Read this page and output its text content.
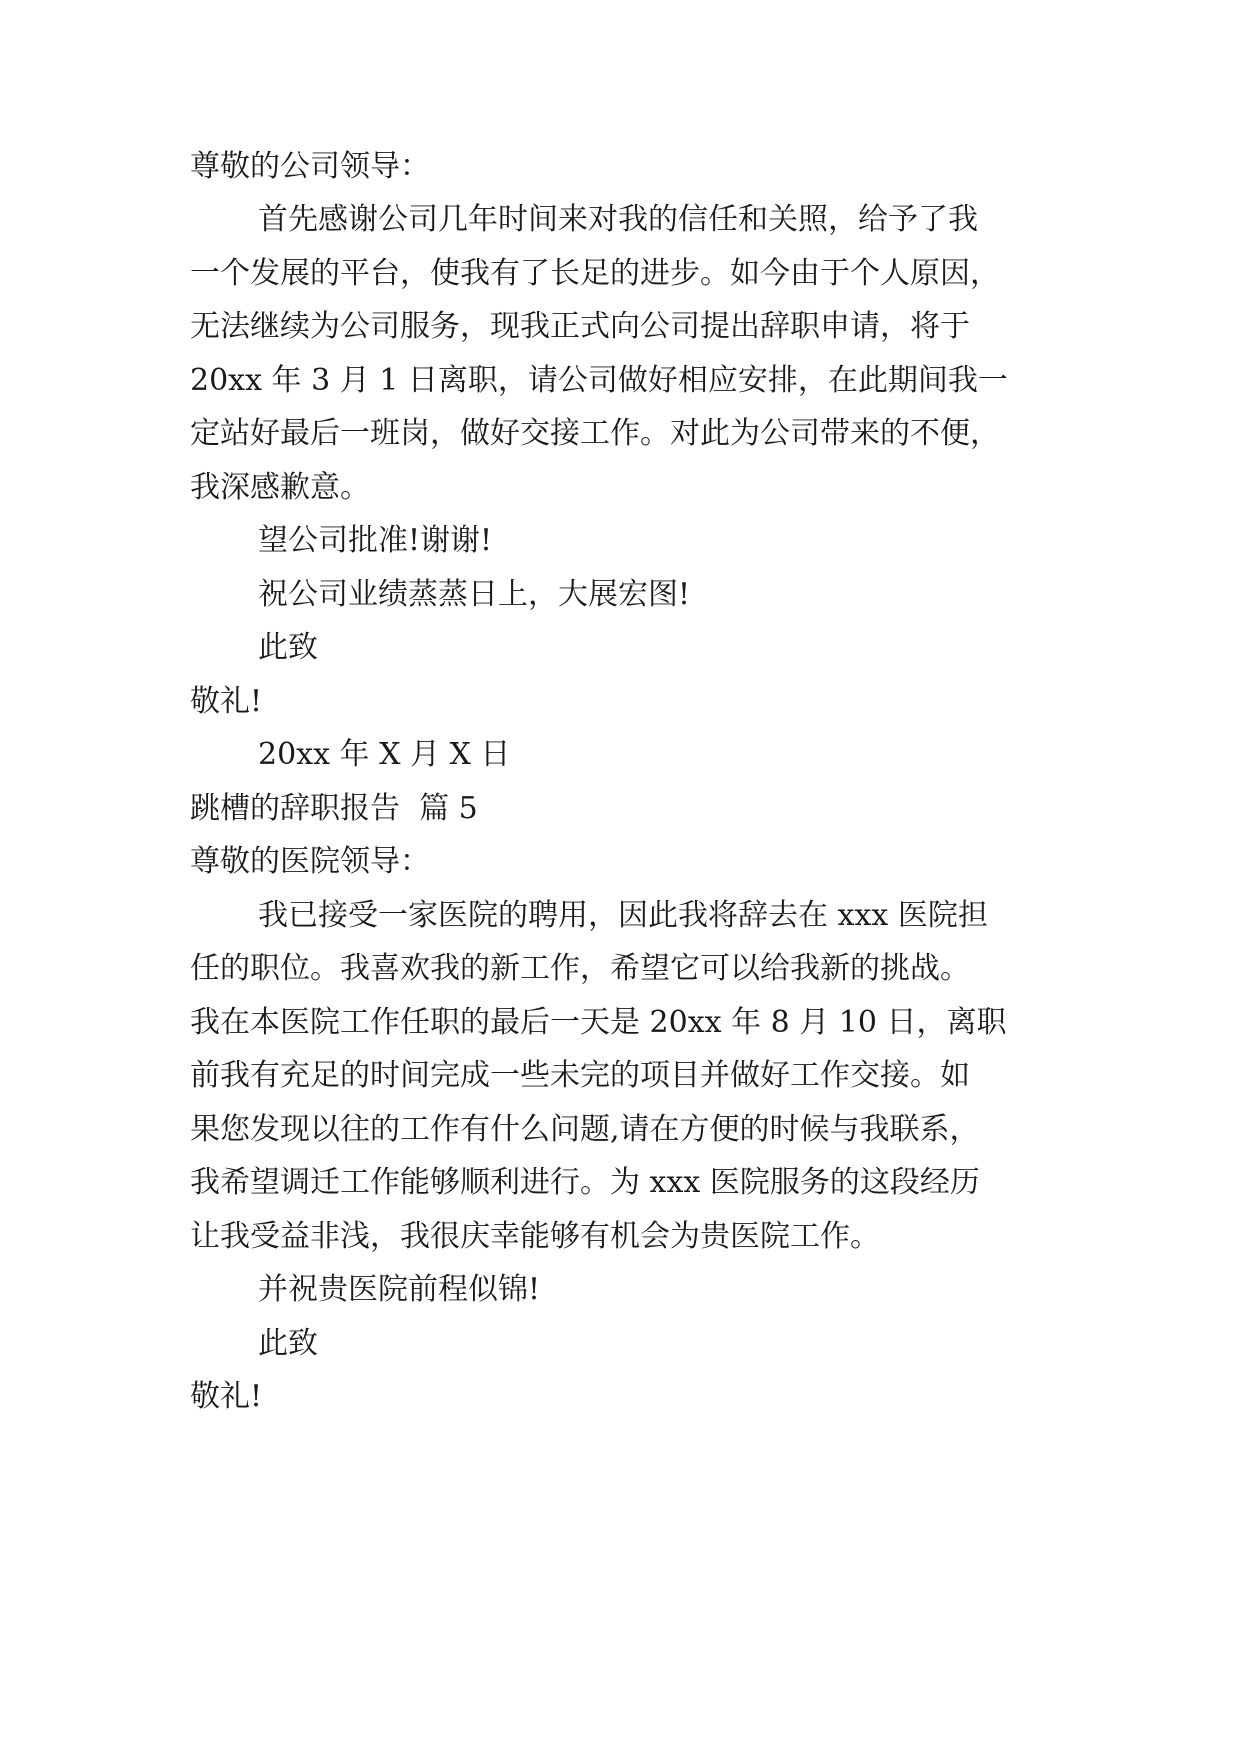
尊敬的公司领导：
首先感谢公司几年时间来对我的信任和关照，给予了我
一个发展的平台，使我有了长足的进步。如今由于个人原因，
无法继续为公司服务，现我正式向公司提出辞职申请，将于
20xx 年 3 月 1 日离职，请公司做好相应安排，在此期间我一
定站好最后一班岗，做好交接工作。对此为公司带来的不便，
我深感歉意。
望公司批准!谢谢!
祝公司业绩蒸蒸日上，大展宏图!
此致
敬礼!
20xx 年 X 月 X 日
跳槽的辞职报告  篇 5
尊敬的医院领导：
我已接受一家医院的聘用，因此我将辞去在 xxx 医院担
任的职位。我喜欢我的新工作，希望它可以给我新的挑战。
我在本医院工作任职的最后一天是 20xx 年 8 月 10 日，离职
前我有充足的时间完成一些未完的项目并做好工作交接。如
果您发现以往的工作有什么问题,请在方便的时候与我联系，
我希望调迁工作能够顺利进行。为 xxx 医院服务的这段经历
让我受益非浅，我很庆幸能够有机会为贵医院工作。
并祝贵医院前程似锦!
此致
敬礼!
